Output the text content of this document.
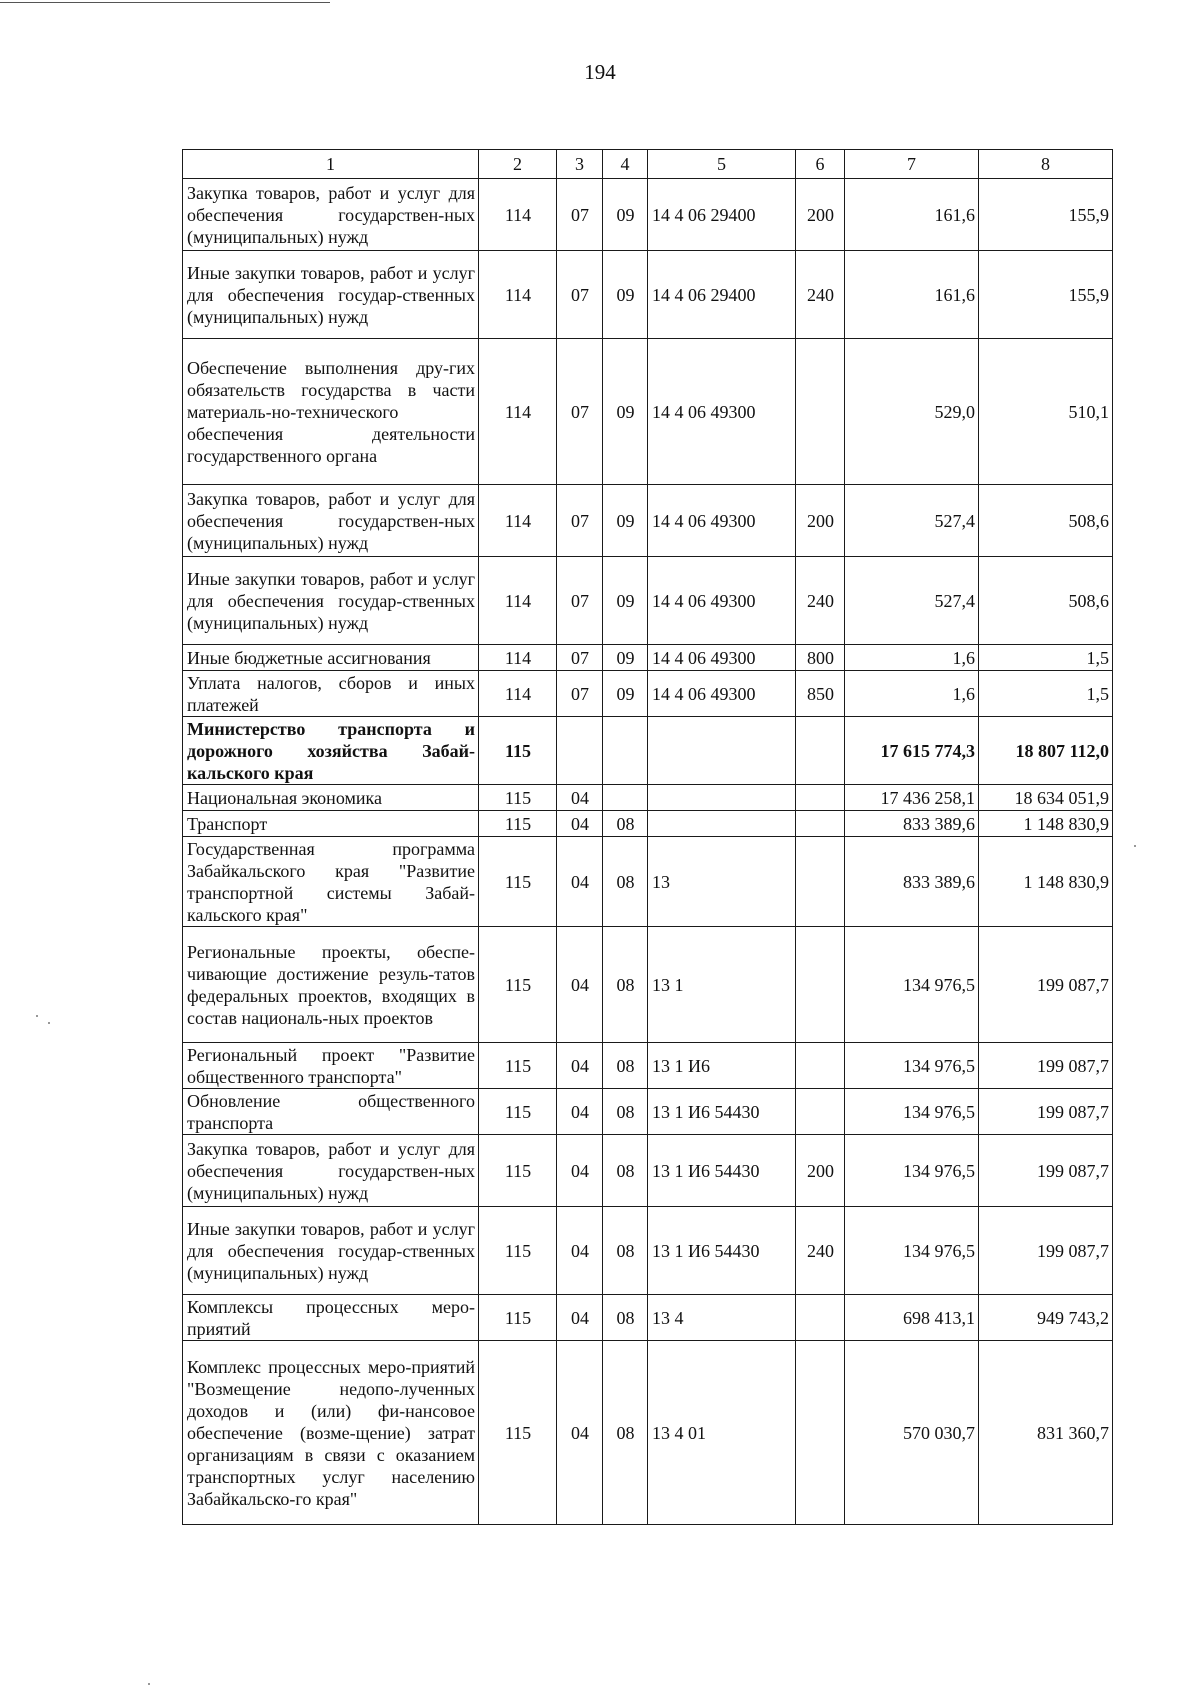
194
1	2	3	4	5	6	7	8
Закупка товаров, работ и услуг для обеспечения государствен-ных (муниципальных) нужд	114	07	09	14 4 06 29400	200	161,6	155,9
Иные закупки товаров, работ и услуг для обеспечения государ-ственных (муниципальных) нужд	114	07	09	14 4 06 29400	240	161,6	155,9
Обеспечение выполнения дру-гих обязательств государства в части материаль-но-технического обеспечения деятельности государственного органа	114	07	09	14 4 06 49300		529,0	510,1
Закупка товаров, работ и услуг для обеспечения государствен-ных (муниципальных) нужд	114	07	09	14 4 06 49300	200	527,4	508,6
Иные закупки товаров, работ и услуг для обеспечения государ-ственных (муниципальных) нужд	114	07	09	14 4 06 49300	240	527,4	508,6
Иные бюджетные ассигнования	114	07	09	14 4 06 49300	800	1,6	1,5
Уплата налогов, сборов и иных платежей	114	07	09	14 4 06 49300	850	1,6	1,5
Министерство транспорта и дорожного хозяйства Забай-кальского края	115					17 615 774,3	18 807 112,0
Национальная экономика	115	04				17 436 258,1	18 634 051,9
Транспорт	115	04	08			833 389,6	1 148 830,9
Государственная программа Забайкальского края "Развитие транспортной системы Забай-кальского края"	115	04	08	13		833 389,6	1 148 830,9
Региональные проекты, обеспе-чивающие достижение резуль-татов федеральных проектов, входящих в состав националь-ных проектов	115	04	08	13 1		134 976,5	199 087,7
Региональный проект "Развитие общественного транспорта"	115	04	08	13 1 И6		134 976,5	199 087,7
Обновление общественного транспорта	115	04	08	13 1 И6 54430		134 976,5	199 087,7
Закупка товаров, работ и услуг для обеспечения государствен-ных (муниципальных) нужд	115	04	08	13 1 И6 54430	200	134 976,5	199 087,7
Иные закупки товаров, работ и услуг для обеспечения государ-ственных (муниципальных) нужд	115	04	08	13 1 И6 54430	240	134 976,5	199 087,7
Комплексы процессных меро-приятий	115	04	08	13 4		698 413,1	949 743,2
Комплекс процессных меро-приятий "Возмещение недопо-лученных доходов и (или) фи-нансовое обеспечение (возме-щение) затрат организациям в связи с оказанием транспортных услуг населению Забайкальско-го края"	115	04	08	13 4 01		570 030,7	831 360,7
